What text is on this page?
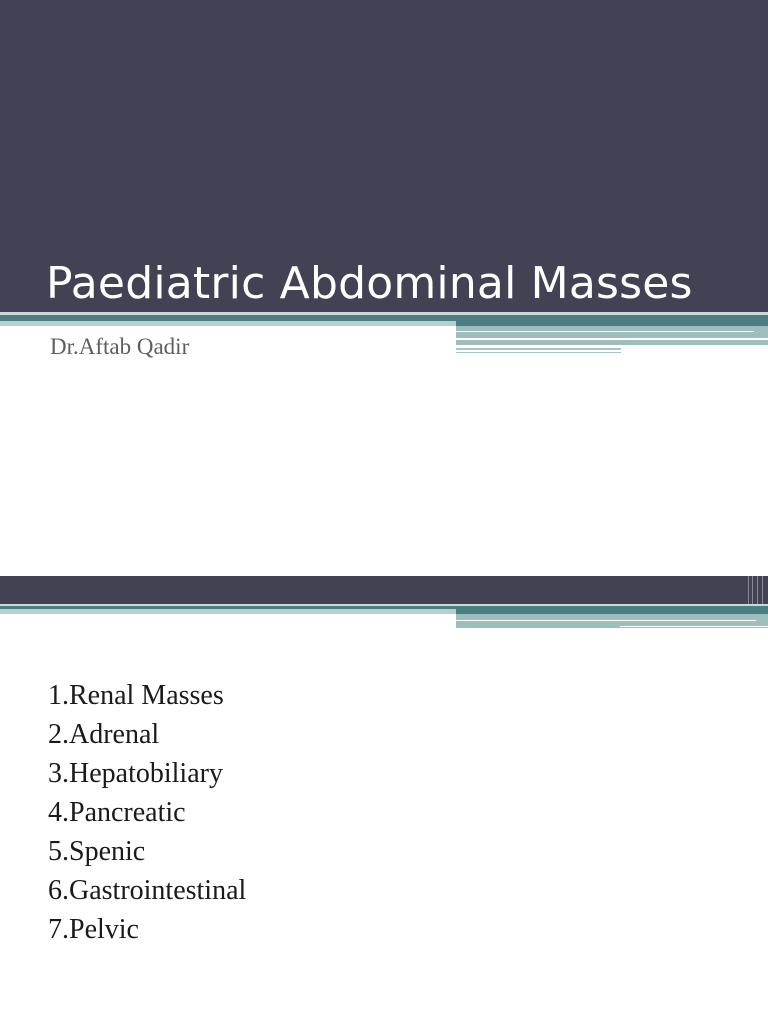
Paediatric Abdominal Masses
Dr.Aftab Qadir
1.Renal Masses
2.Adrenal
3.Hepatobiliary
4.Pancreatic
5.Spenic
6.Gastrointestinal
7.Pelvic
